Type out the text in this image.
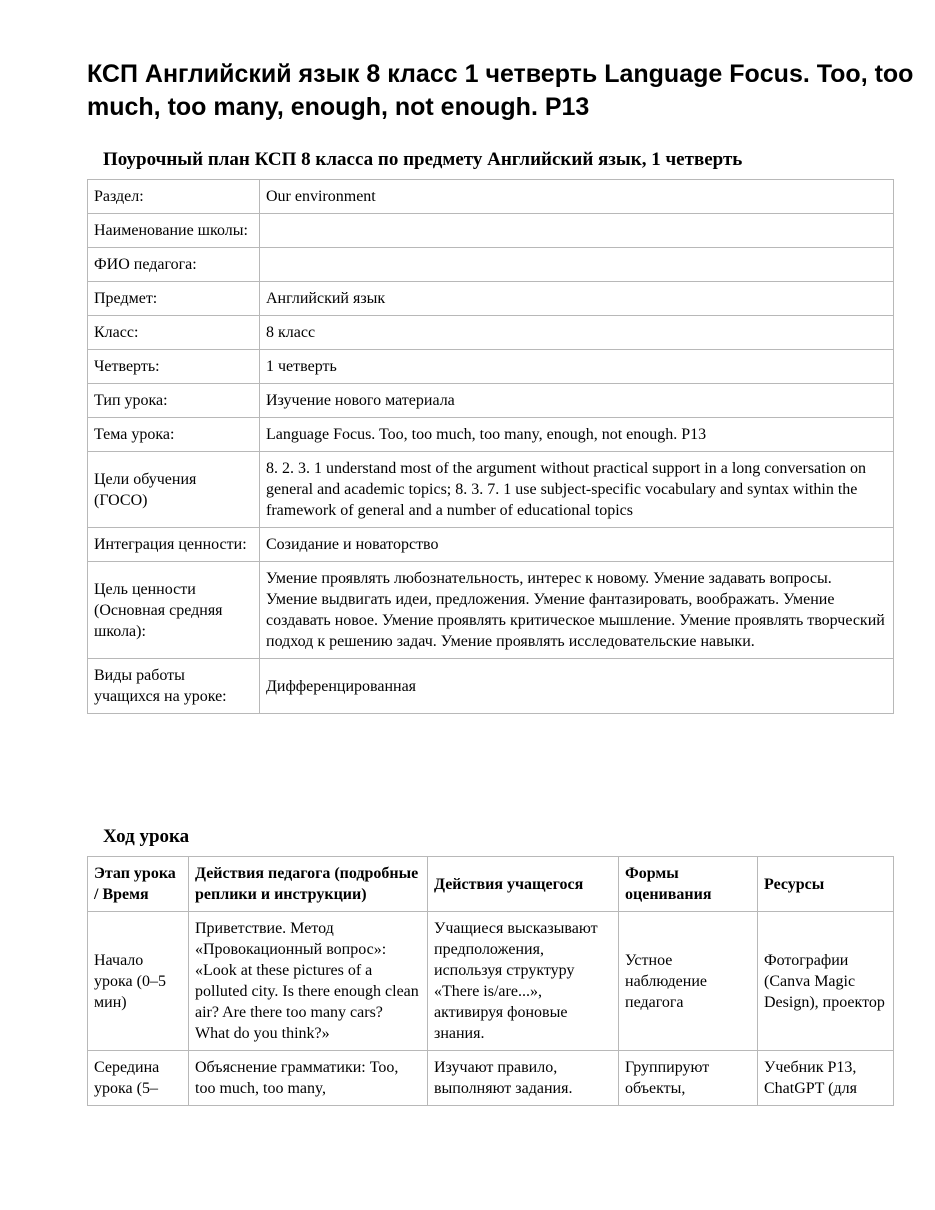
КСП Английский язык 8 класс 1 четверть Language Focus. Too, too much, too many, enough, not enough. P13
Поурочный план КСП 8 класса по предмету Английский язык, 1 четверть
Раздел:	Our environment
Наименование школы:	
ФИО педагога:	
Предмет:	Английский язык
Класс:	8 класс
Четверть:	1 четверть
Тип урока:	Изучение нового материала
Тема урока:	Language Focus. Too, too much, too many, enough, not enough. P13
Цели обучения (ГОСО)	8. 2. 3. 1 understand most of the argument without practical support in a long conversation on general and academic topics; 8. 3. 7. 1 use subject-specific vocabulary and syntax within the framework of general and a number of educational topics
Интеграция ценности:	Созидание и новаторство
Цель ценности (Основная средняя школа):	Умение проявлять любознательность, интерес к новому. Умение задавать вопросы. Умение выдвигать идеи, предложения. Умение фантазировать, воображать. Умение создавать новое. Умение проявлять критическое мышление. Умение проявлять творческий подход к решению задач. Умение проявлять исследовательские навыки.
Виды работы учащихся на уроке:	Дифференцированная
Ход урока
Этап урока / Время	Действия педагога (подробные реплики и инструкции)	Действия учащегося	Формы оценивания	Ресурсы
Начало урока (0–5 мин)	Приветствие. Метод «Провокационный вопрос»: «Look at these pictures of a polluted city. Is there enough clean air? Are there too many cars? What do you think?»	Учащиеся высказывают предположения, используя структуру «There is/are...», активируя фоновые знания.	Устное наблюдение педагога	Фотографии (Canva Magic Design), проектор
Середина урока (5–	Объяснение грамматики: Too, too much, too many,	Изучают правило, выполняют задания.	Группируют объекты,	Учебник P13, ChatGPT (для
